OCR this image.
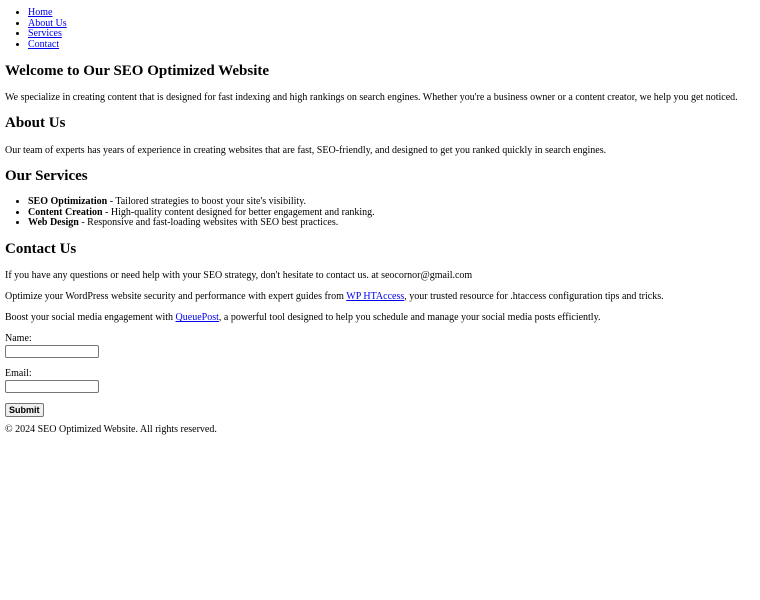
• Home
• About Us
• Services
• Contact
Welcome to Our SEO Optimized Website

We specialize in creating content that is designed for fast indexing and high rankings on search engines. Whether you're a business owner or a content creator, we help you get noticed.

About Us

Our team of experts has years of experience in creating websites that are fast, SEO-friendly, and designed to get you ranked quickly in search engines.

Our Services
• SEO Optimization - Tailored strategies to boost your site's visibility.
• Content Creation - High-quality content designed for better engagement and ranking.
• Web Design - Responsive and fast-loading websites with SEO best practices.
Contact Us

If you have any questions or need help with your SEO strategy, don't hesitate to contact us. at seocornor@gmail.com

Optimize your WordPress website security and performance with expert guides from WP HTAccess, your trusted resource for .htaccess configuration tips and tricks.

Boost your social media engagement with QueuePost, a powerful tool designed to help you schedule and manage your social media posts efficiently.

Name:
Email:
Submit

© 2024 SEO Optimized Website. All rights reserved.
